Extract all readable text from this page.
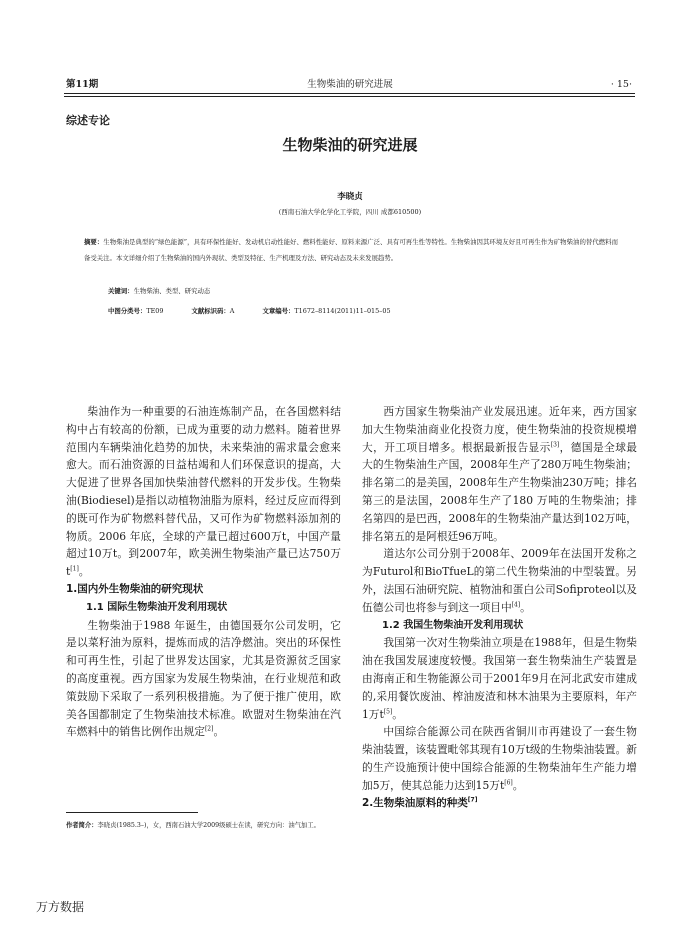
第11期	生物柴油的研究进展	· 15·
综述专论
生物柴油的研究进展
李晓贞
(西南石油大学化学化工学院，四川 成都610500)
摘要：生物柴油是典型的“绿色能源”，具有环保性能好、发动机启动性能好、燃料性能好、原料来源广泛、具有可再生性等特性。生物柴油因其环境友好且可再生作为矿物柴油的替代燃料而备受关注。本文详细介绍了生物柴油的国内外现状、类型及特征、生产机理及方法、研究动态及未来发展趋势。
关键词：生物柴油、类型、研究动态
中图分类号：TE09	文献标识码：A	文章编号：T1672–8114(2011)11–015–05

柴油作为一种重要的石油连炼制产品，在各国燃料结构中占有较高的份额，已成为重要的动力燃料。随着世界范围内车辆柴油化趋势的加快，未来柴油的需求量会愈来愈大。而石油资源的日益枯竭和人们环保意识的提高，大大促进了世界各国加快柴油替代燃料的开发步伐。生物柴油(Biodiesel)是指以动植物油脂为原料，经过反应而得到的既可作为矿物燃料替代品，又可作为矿物燃料添加剂的物质。2006 年底，全球的产量已超过600万t，中国产量超过10万t。到2007年，欧美洲生物柴油产量已达750万t[1]。

1.国内外生物柴油的研究现状
1.1 国际生物柴油开发利用现状

生物柴油于1988 年诞生，由德国聂尔公司发明，它是以菜籽油为原料，提炼而成的洁净燃油。突出的环保性和可再生性，引起了世界发达国家，尤其是资源贫乏国家的高度重视。西方国家为发展生物柴油，在行业规范和政策鼓励下采取了一系列积极措施。为了便于推广使用，欧美各国都制定了生物柴油技术标准。欧盟对生物柴油在汽车燃料中的销售比例作出规定[2]。

西方国家生物柴油产业发展迅速。近年来，西方国家加大生物柴油商业化投资力度，使生物柴油的投资规模增大，开工项目增多。根据最新报告显示[3]，德国是全球最大的生物柴油生产国，2008年生产了280万吨生物柴油；排名第二的是美国，2008年生产生物柴油230万吨；排名第三的是法国，2008年生产了180 万吨的生物柴油；排名第四的是巴西，2008年的生物柴油产量达到102万吨，排名第五的是阿根廷96万吨。

道达尔公司分别于2008年、2009年在法国开发称之为Futurol和BioTfueL的第二代生物柴油的中型装置。另外，法国石油研究院、植物油和蛋白公司Sofiproteol以及伍德公司也将参与到这一项目中[4]。

1.2 我国生物柴油开发利用现状

我国第一次对生物柴油立项是在1988年，但是生物柴油在我国发展速度较慢。我国第一套生物柴油生产装置是由海南正和生物能源公司于2001年9月在河北武安市建成的,采用餐饮废油、榨油废渣和林木油果为主要原料，年产1万t[5]。

中国综合能源公司在陕西省铜川市再建设了一套生物柴油装置，该装置毗邻其现有10万t级的生物柴油装置。新的生产设施预计使中国综合能源的生物柴油年生产能力增加5万，使其总能力达到15万t[6]。

2.生物柴油原料的种类[7]
作者简介：李晓贞(1985.3–)，女，西南石油大学2009级硕士在读，研究方向：油气加工。
万方数据
